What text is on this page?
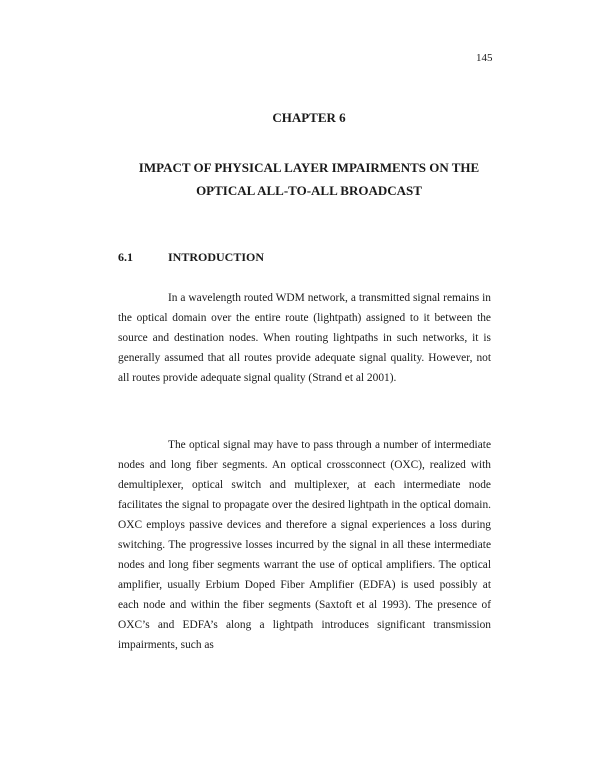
145
CHAPTER 6
IMPACT OF PHYSICAL LAYER IMPAIRMENTS ON THE
OPTICAL ALL-TO-ALL BROADCAST
6.1	INTRODUCTION

In a wavelength routed WDM network, a transmitted signal remains in the optical domain over the entire route (lightpath) assigned to it between the source and destination nodes. When routing lightpaths in such networks, it is generally assumed that all routes provide adequate signal quality. However, not all routes provide adequate signal quality (Strand et al 2001).

The optical signal may have to pass through a number of intermediate nodes and long fiber segments. An optical crossconnect (OXC), realized with demultiplexer, optical switch and multiplexer, at each intermediate node facilitates the signal to propagate over the desired lightpath in the optical domain. OXC employs passive devices and therefore a signal experiences a loss during switching. The progressive losses incurred by the signal in all these intermediate nodes and long fiber segments warrant the use of optical amplifiers. The optical amplifier, usually Erbium Doped Fiber Amplifier (EDFA) is used possibly at each node and within the fiber segments (Saxtoft et al 1993). The presence of OXC’s and EDFA’s along a lightpath introduces significant transmission impairments, such as
